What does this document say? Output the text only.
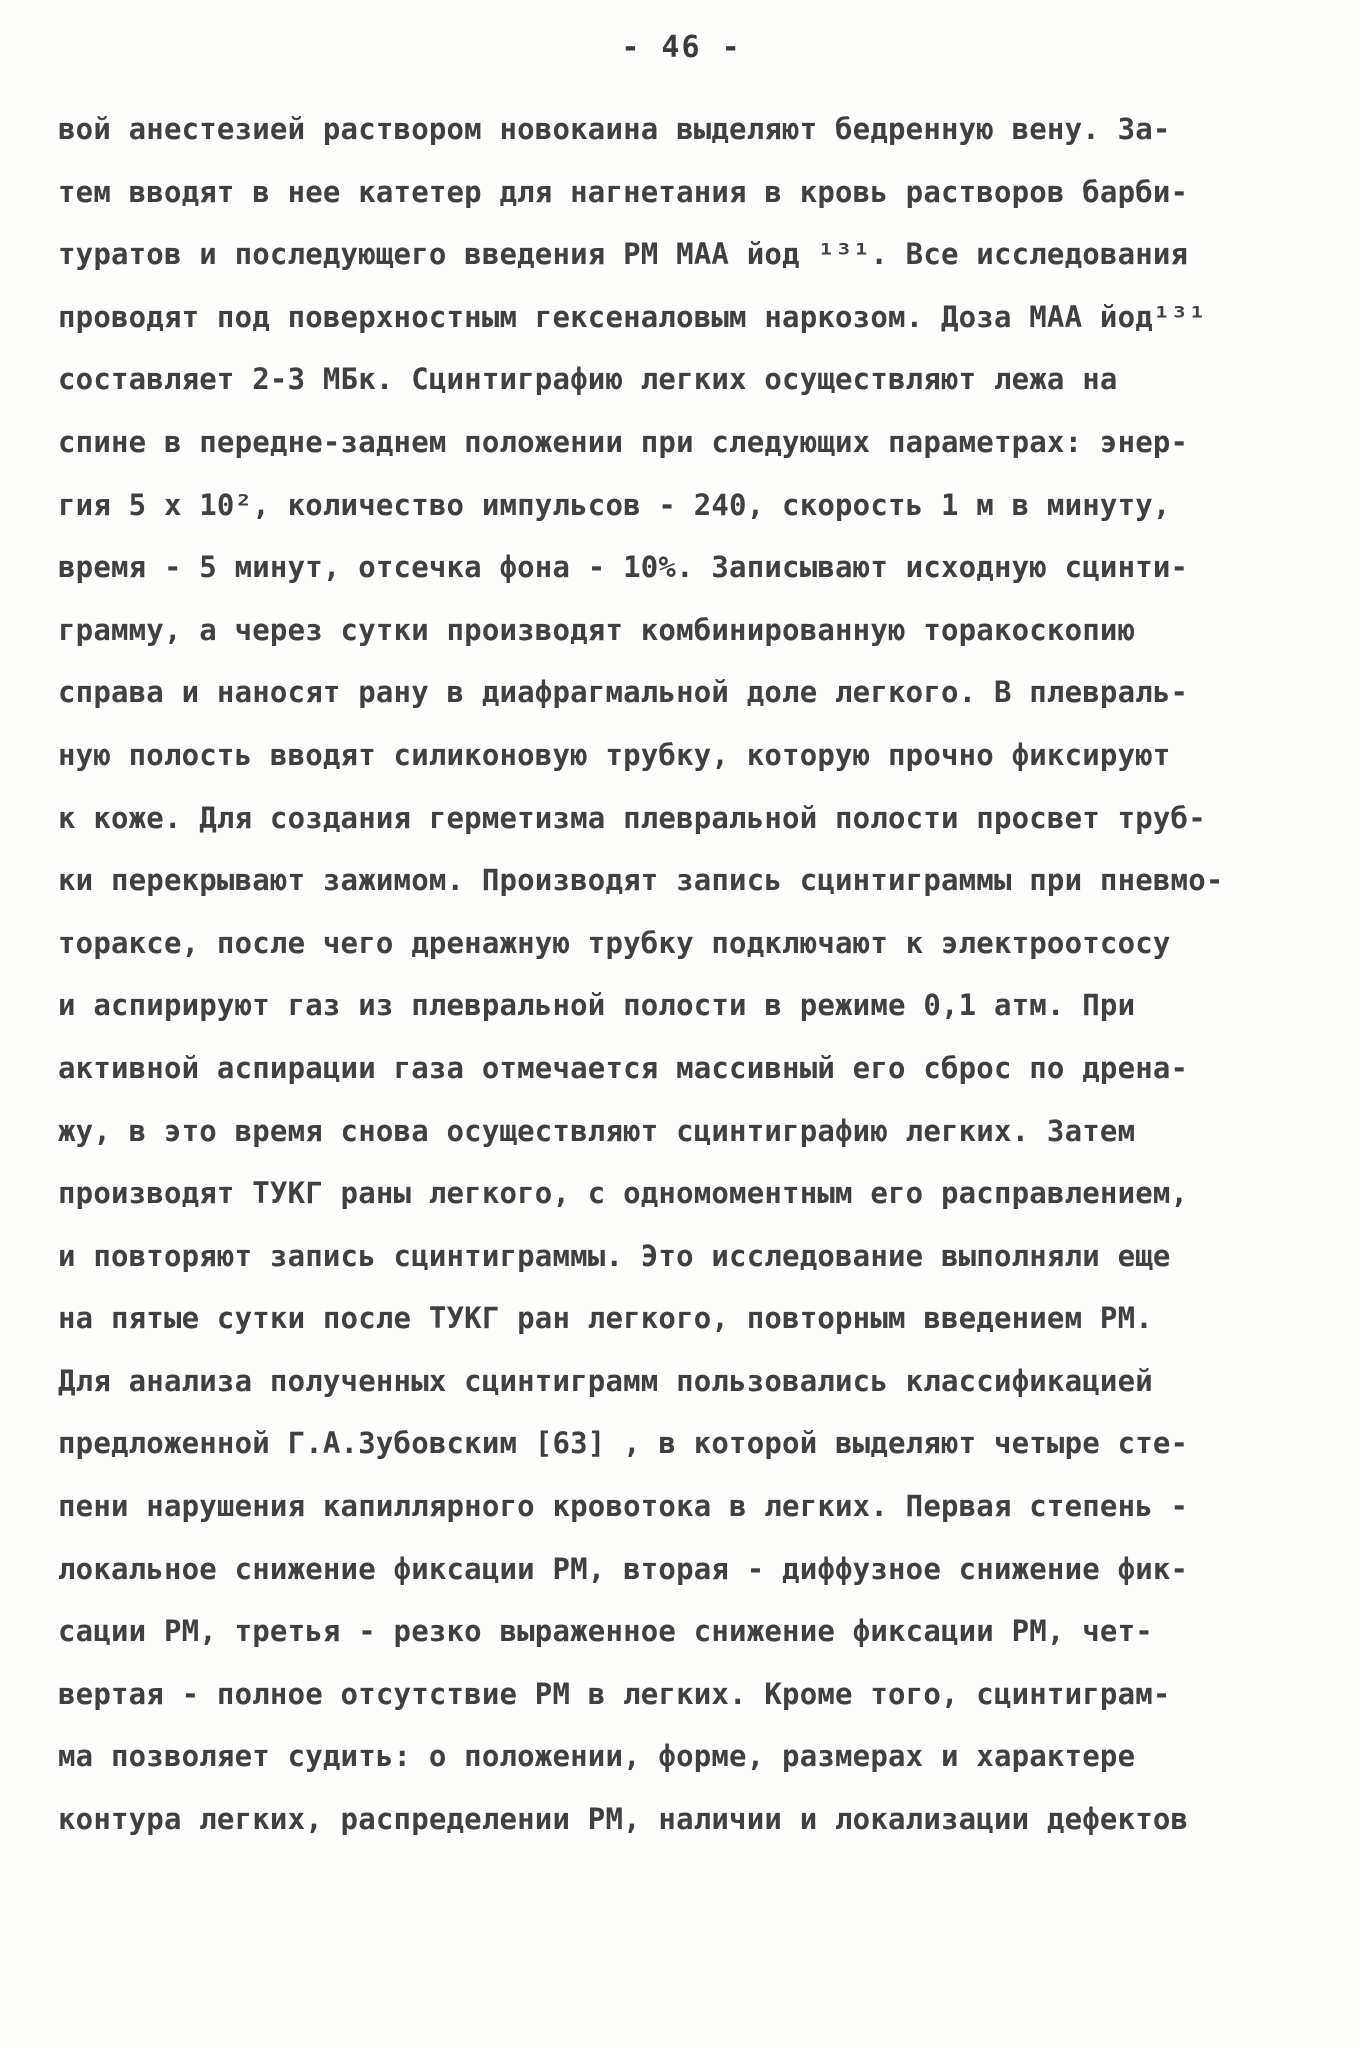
- 46 -
вой анестезией раствором новокаина выделяют бедренную вену. За-
тем вводят в нее катетер для нагнетания в кровь растворов барби-
туратов и последующего введения РМ МАА йод ¹³¹. Все исследования
проводят под поверхностным гексеналовым наркозом. Доза МАА йод¹³¹
составляет 2-3 МБк. Сцинтиграфию легких осуществляют лежа на
спине в передне-заднем положении при следующих параметрах: энер-
гия 5 х 10², количество импульсов - 240, скорость 1 м в минуту,
время - 5 минут, отсечка фона - 10%. Записывают исходную сцинти-
грамму, а через сутки производят комбинированную торакоскопию
справа и наносят рану в диафрагмальной доле легкого. В плевраль-
ную полость вводят силиконовую трубку, которую прочно фиксируют
к коже. Для создания герметизма плевральной полости просвет труб-
ки перекрывают зажимом. Производят запись сцинтиграммы при пневмо-
тораксе, после чего дренажную трубку подключают к электроотсосу
и аспирируют газ из плевральной полости в режиме 0,1 атм. При
активной аспирации газа отмечается массивный его сброс по дрена-
жу, в это время снова осуществляют сцинтиграфию легких. Затем
производят ТУКГ раны легкого, с одномоментным его расправлением,
и повторяют запись сцинтиграммы. Это исследование выполняли еще
на пятые сутки после ТУКГ ран легкого, повторным введением РМ.
Для анализа полученных сцинтиграмм пользовались классификацией
предложенной Г.А.Зубовским [63] , в которой выделяют четыре сте-
пени нарушения капиллярного кровотока в легких. Первая степень -
локальное снижение фиксации РМ, вторая - диффузное снижение фик-
сации РМ, третья - резко выраженное снижение фиксации РМ, чет-
вертая - полное отсутствие РМ в легких. Кроме того, сцинтиграм-
ма позволяет судить: о положении, форме, размерах и характере
контура легких, распределении РМ, наличии и локализации дефектов
